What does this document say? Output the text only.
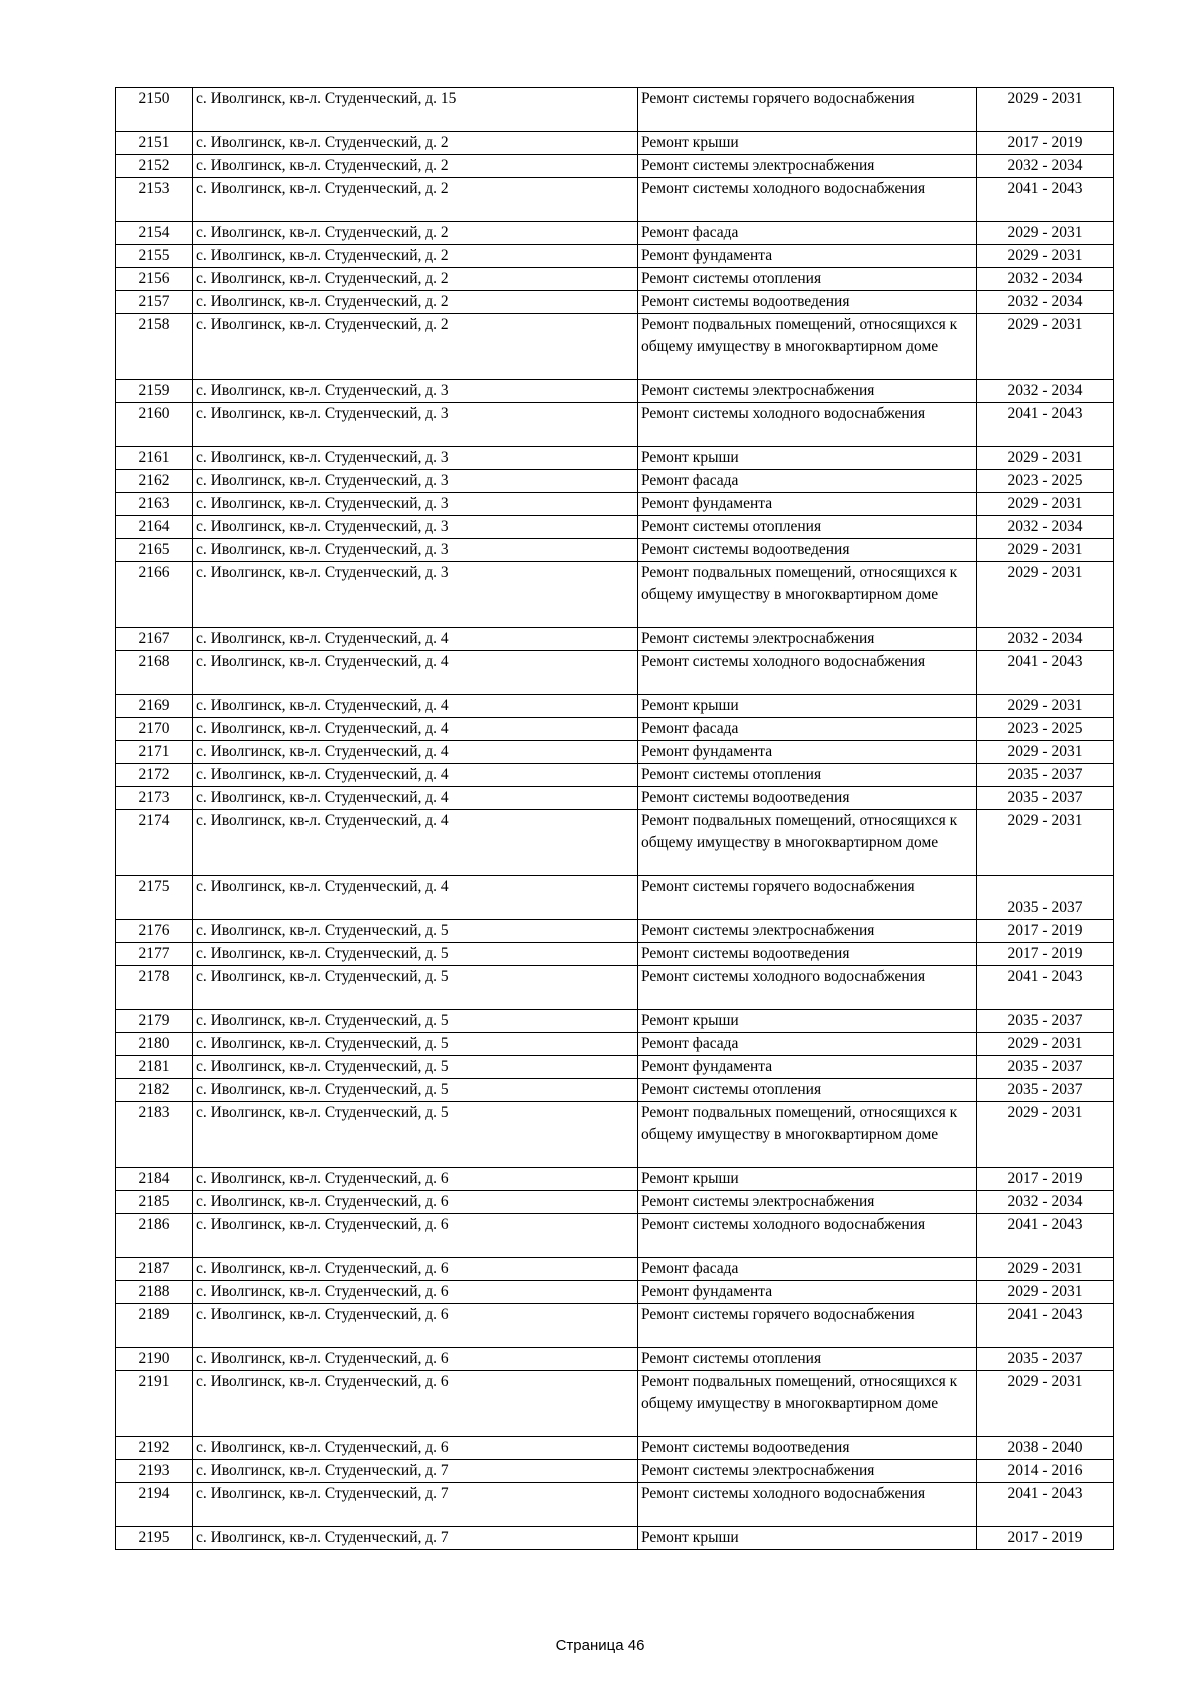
2150	с. Иволгинск, кв-л. Студенческий, д. 15	Ремонт системы горячего водоснабжения	2029 - 2031
2151	с. Иволгинск, кв-л. Студенческий, д. 2	Ремонт крыши	2017 - 2019
2152	с. Иволгинск, кв-л. Студенческий, д. 2	Ремонт системы электроснабжения	2032 - 2034
2153	с. Иволгинск, кв-л. Студенческий, д. 2	Ремонт системы холодного водоснабжения	2041 - 2043
2154	с. Иволгинск, кв-л. Студенческий, д. 2	Ремонт фасада	2029 - 2031
2155	с. Иволгинск, кв-л. Студенческий, д. 2	Ремонт фундамента	2029 - 2031
2156	с. Иволгинск, кв-л. Студенческий, д. 2	Ремонт системы отопления	2032 - 2034
2157	с. Иволгинск, кв-л. Студенческий, д. 2	Ремонт системы водоотведения	2032 - 2034
2158	с. Иволгинск, кв-л. Студенческий, д. 2	Ремонт подвальных помещений, относящихся к общему имуществу в многоквартирном доме	2029 - 2031
2159	с. Иволгинск, кв-л. Студенческий, д. 3	Ремонт системы электроснабжения	2032 - 2034
2160	с. Иволгинск, кв-л. Студенческий, д. 3	Ремонт системы холодного водоснабжения	2041 - 2043
2161	с. Иволгинск, кв-л. Студенческий, д. 3	Ремонт крыши	2029 - 2031
2162	с. Иволгинск, кв-л. Студенческий, д. 3	Ремонт фасада	2023 - 2025
2163	с. Иволгинск, кв-л. Студенческий, д. 3	Ремонт фундамента	2029 - 2031
2164	с. Иволгинск, кв-л. Студенческий, д. 3	Ремонт системы отопления	2032 - 2034
2165	с. Иволгинск, кв-л. Студенческий, д. 3	Ремонт системы водоотведения	2029 - 2031
2166	с. Иволгинск, кв-л. Студенческий, д. 3	Ремонт подвальных помещений, относящихся к общему имуществу в многоквартирном доме	2029 - 2031
2167	с. Иволгинск, кв-л. Студенческий, д. 4	Ремонт системы электроснабжения	2032 - 2034
2168	с. Иволгинск, кв-л. Студенческий, д. 4	Ремонт системы холодного водоснабжения	2041 - 2043
2169	с. Иволгинск, кв-л. Студенческий, д. 4	Ремонт крыши	2029 - 2031
2170	с. Иволгинск, кв-л. Студенческий, д. 4	Ремонт фасада	2023 - 2025
2171	с. Иволгинск, кв-л. Студенческий, д. 4	Ремонт фундамента	2029 - 2031
2172	с. Иволгинск, кв-л. Студенческий, д. 4	Ремонт системы отопления	2035 - 2037
2173	с. Иволгинск, кв-л. Студенческий, д. 4	Ремонт системы водоотведения	2035 - 2037
2174	с. Иволгинск, кв-л. Студенческий, д. 4	Ремонт подвальных помещений, относящихся к общему имуществу в многоквартирном доме	2029 - 2031
2175	с. Иволгинск, кв-л. Студенческий, д. 4	Ремонт системы горячего водоснабжения	2035 - 2037
2176	с. Иволгинск, кв-л. Студенческий, д. 5	Ремонт системы электроснабжения	2017 - 2019
2177	с. Иволгинск, кв-л. Студенческий, д. 5	Ремонт системы водоотведения	2017 - 2019
2178	с. Иволгинск, кв-л. Студенческий, д. 5	Ремонт системы холодного водоснабжения	2041 - 2043
2179	с. Иволгинск, кв-л. Студенческий, д. 5	Ремонт крыши	2035 - 2037
2180	с. Иволгинск, кв-л. Студенческий, д. 5	Ремонт фасада	2029 - 2031
2181	с. Иволгинск, кв-л. Студенческий, д. 5	Ремонт фундамента	2035 - 2037
2182	с. Иволгинск, кв-л. Студенческий, д. 5	Ремонт системы отопления	2035 - 2037
2183	с. Иволгинск, кв-л. Студенческий, д. 5	Ремонт подвальных помещений, относящихся к общему имуществу в многоквартирном доме	2029 - 2031
2184	с. Иволгинск, кв-л. Студенческий, д. 6	Ремонт крыши	2017 - 2019
2185	с. Иволгинск, кв-л. Студенческий, д. 6	Ремонт системы электроснабжения	2032 - 2034
2186	с. Иволгинск, кв-л. Студенческий, д. 6	Ремонт системы холодного водоснабжения	2041 - 2043
2187	с. Иволгинск, кв-л. Студенческий, д. 6	Ремонт фасада	2029 - 2031
2188	с. Иволгинск, кв-л. Студенческий, д. 6	Ремонт фундамента	2029 - 2031
2189	с. Иволгинск, кв-л. Студенческий, д. 6	Ремонт системы горячего водоснабжения	2041 - 2043
2190	с. Иволгинск, кв-л. Студенческий, д. 6	Ремонт системы отопления	2035 - 2037
2191	с. Иволгинск, кв-л. Студенческий, д. 6	Ремонт подвальных помещений, относящихся к общему имуществу в многоквартирном доме	2029 - 2031
2192	с. Иволгинск, кв-л. Студенческий, д. 6	Ремонт системы водоотведения	2038 - 2040
2193	с. Иволгинск, кв-л. Студенческий, д. 7	Ремонт системы электроснабжения	2014 - 2016
2194	с. Иволгинск, кв-л. Студенческий, д. 7	Ремонт системы холодного водоснабжения	2041 - 2043
2195	с. Иволгинск, кв-л. Студенческий, д. 7	Ремонт крыши	2017 - 2019
Страница 46
